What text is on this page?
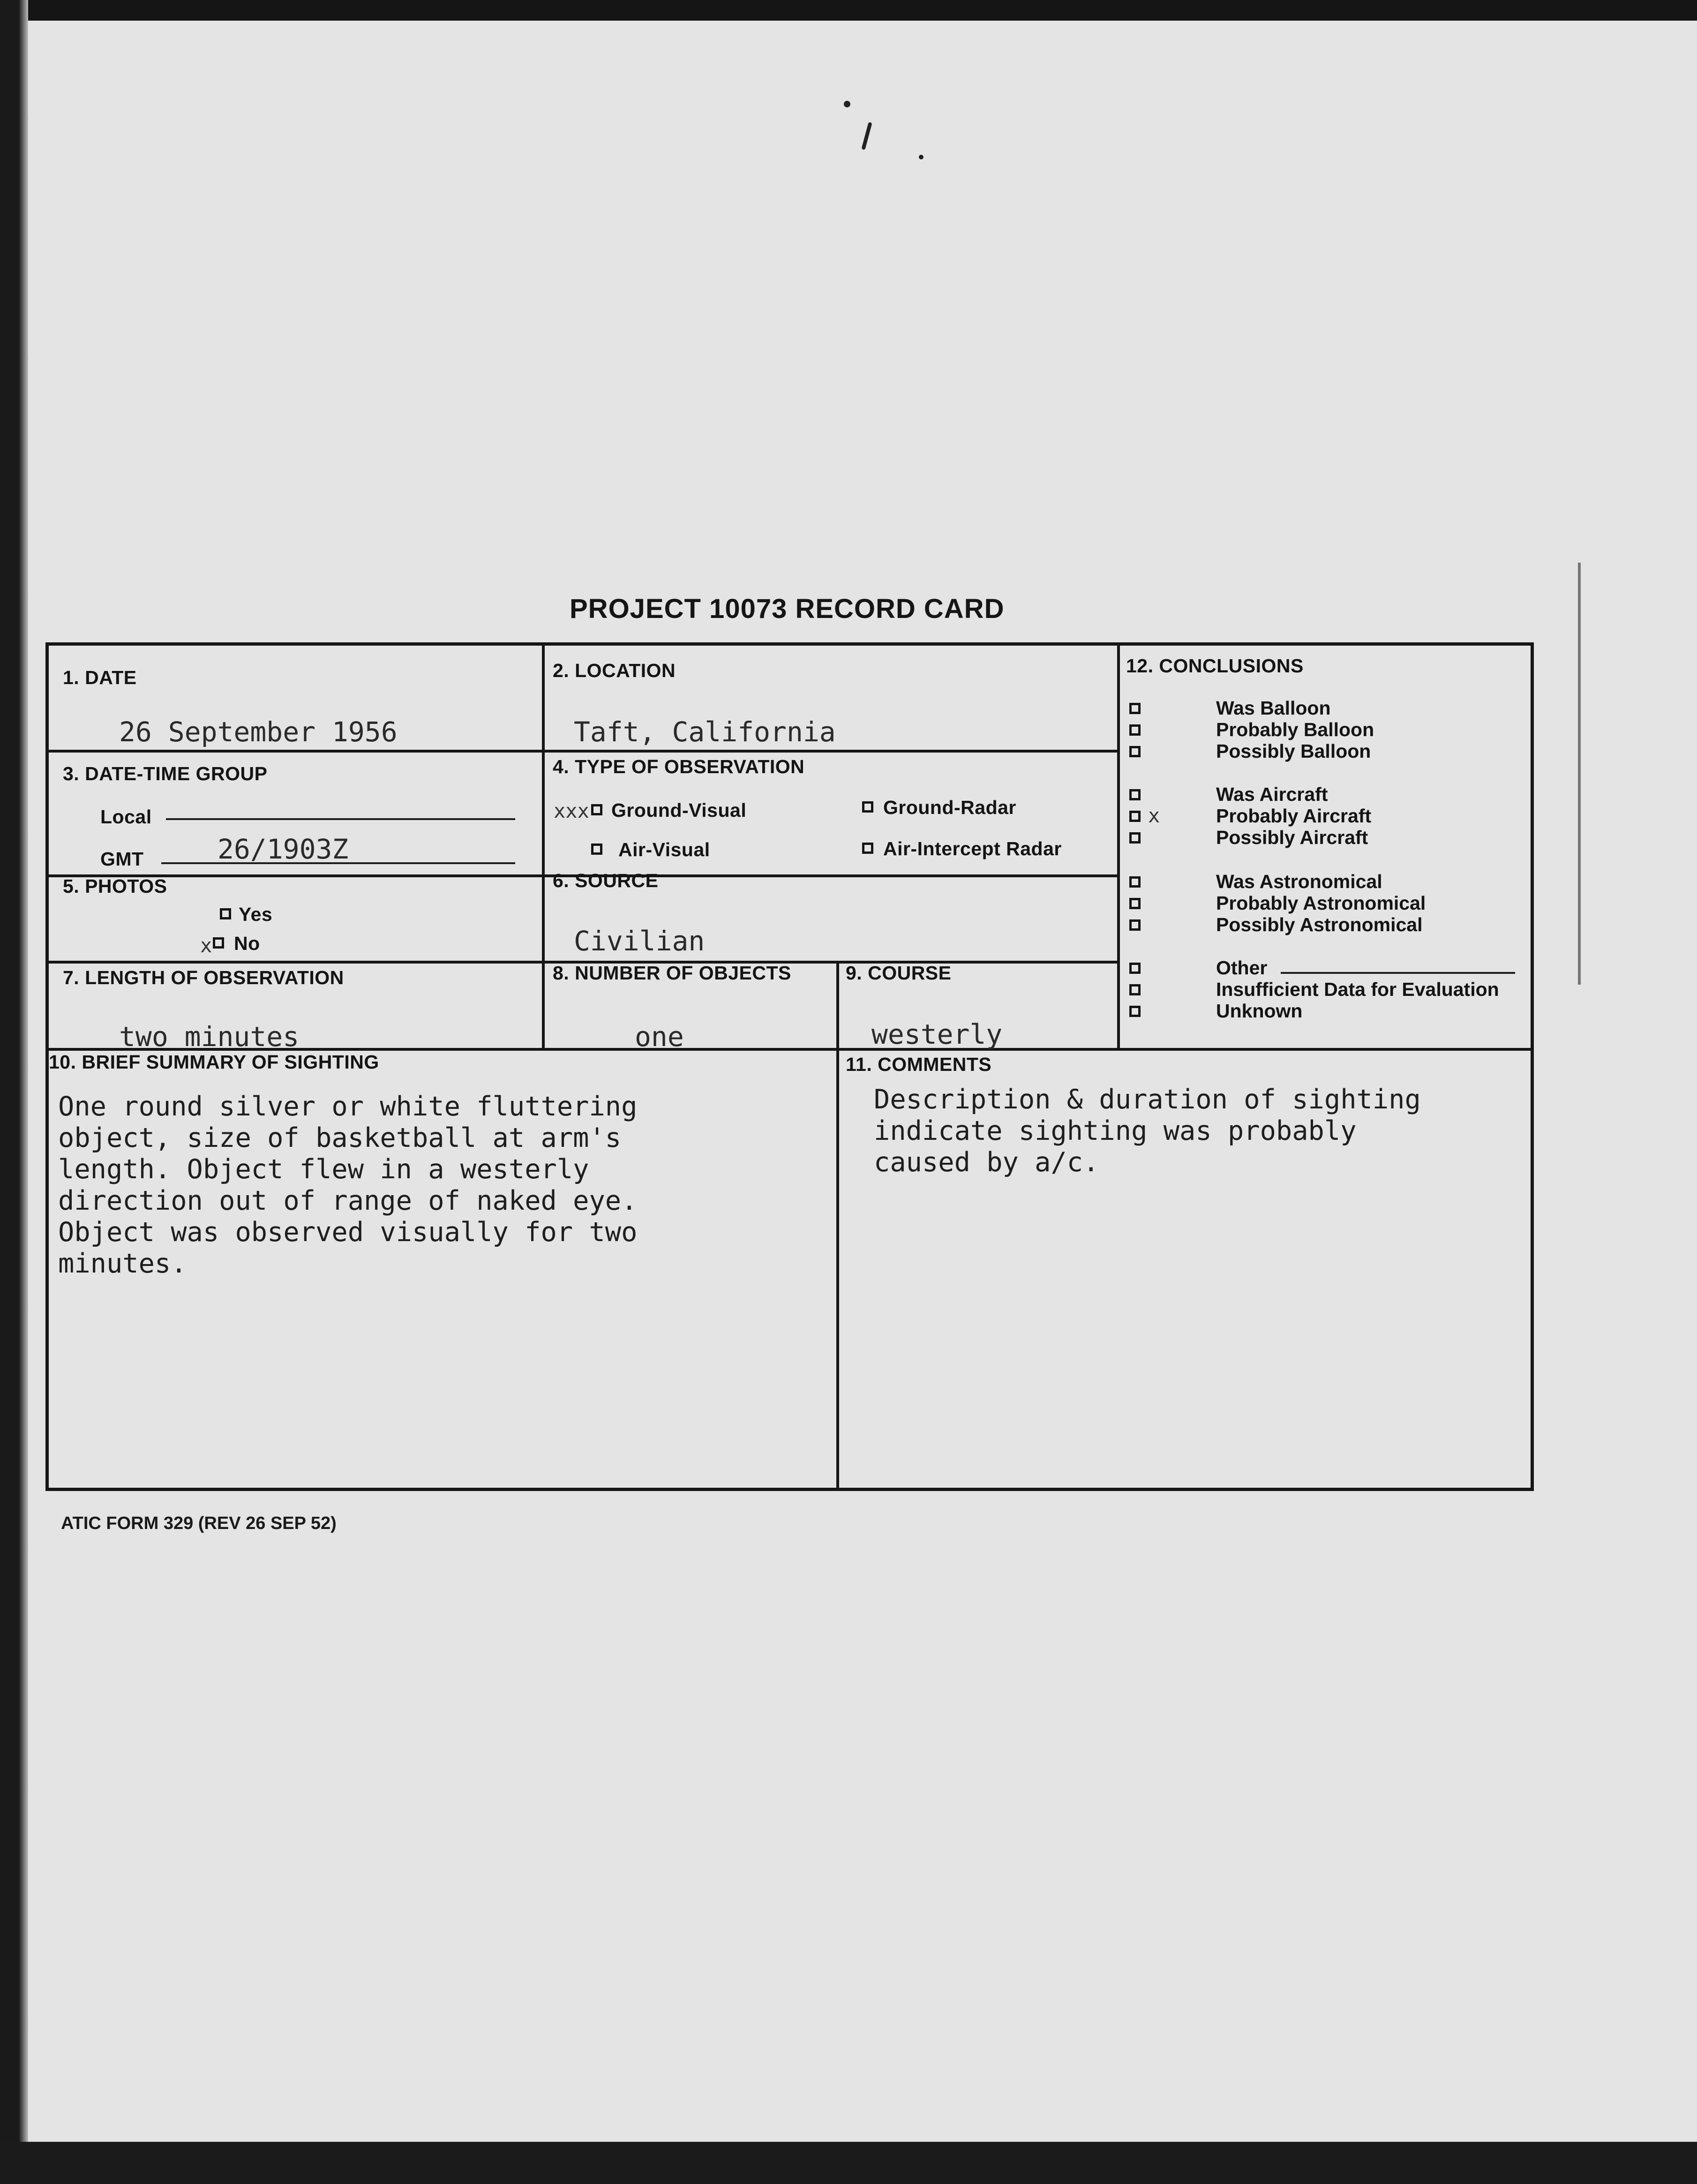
PROJECT 10073 RECORD CARD
1. DATE
26 September 1956
2. LOCATION
Taft, California
3. DATE-TIME GROUP
Local
GMT	26/1903Z
4. TYPE OF OBSERVATION
xxx Ground-Visual	Ground-Radar
Air-Visual	Air-Intercept Radar
5. PHOTOS
Yes
x No
6. SOURCE
Civilian
7. LENGTH OF OBSERVATION
two minutes
8. NUMBER OF OBJECTS
one
9. COURSE
westerly
10. BRIEF SUMMARY OF SIGHTING
One round silver or white fluttering
object, size of basketball at arm's
length. Object flew in a westerly
direction out of range of naked eye.
Object was observed visually for two
minutes.
11. COMMENTS
Description & duration of sighting
indicate sighting was probably
caused by a/c.
12. CONCLUSIONS
Was Balloon
Probably Balloon
Possibly Balloon
Was Aircraft
x	Probably Aircraft
Possibly Aircraft
Was Astronomical
Probably Astronomical
Possibly Astronomical
Other
Insufficient Data for Evaluation
Unknown
ATIC FORM 329 (REV 26 SEP 52)
